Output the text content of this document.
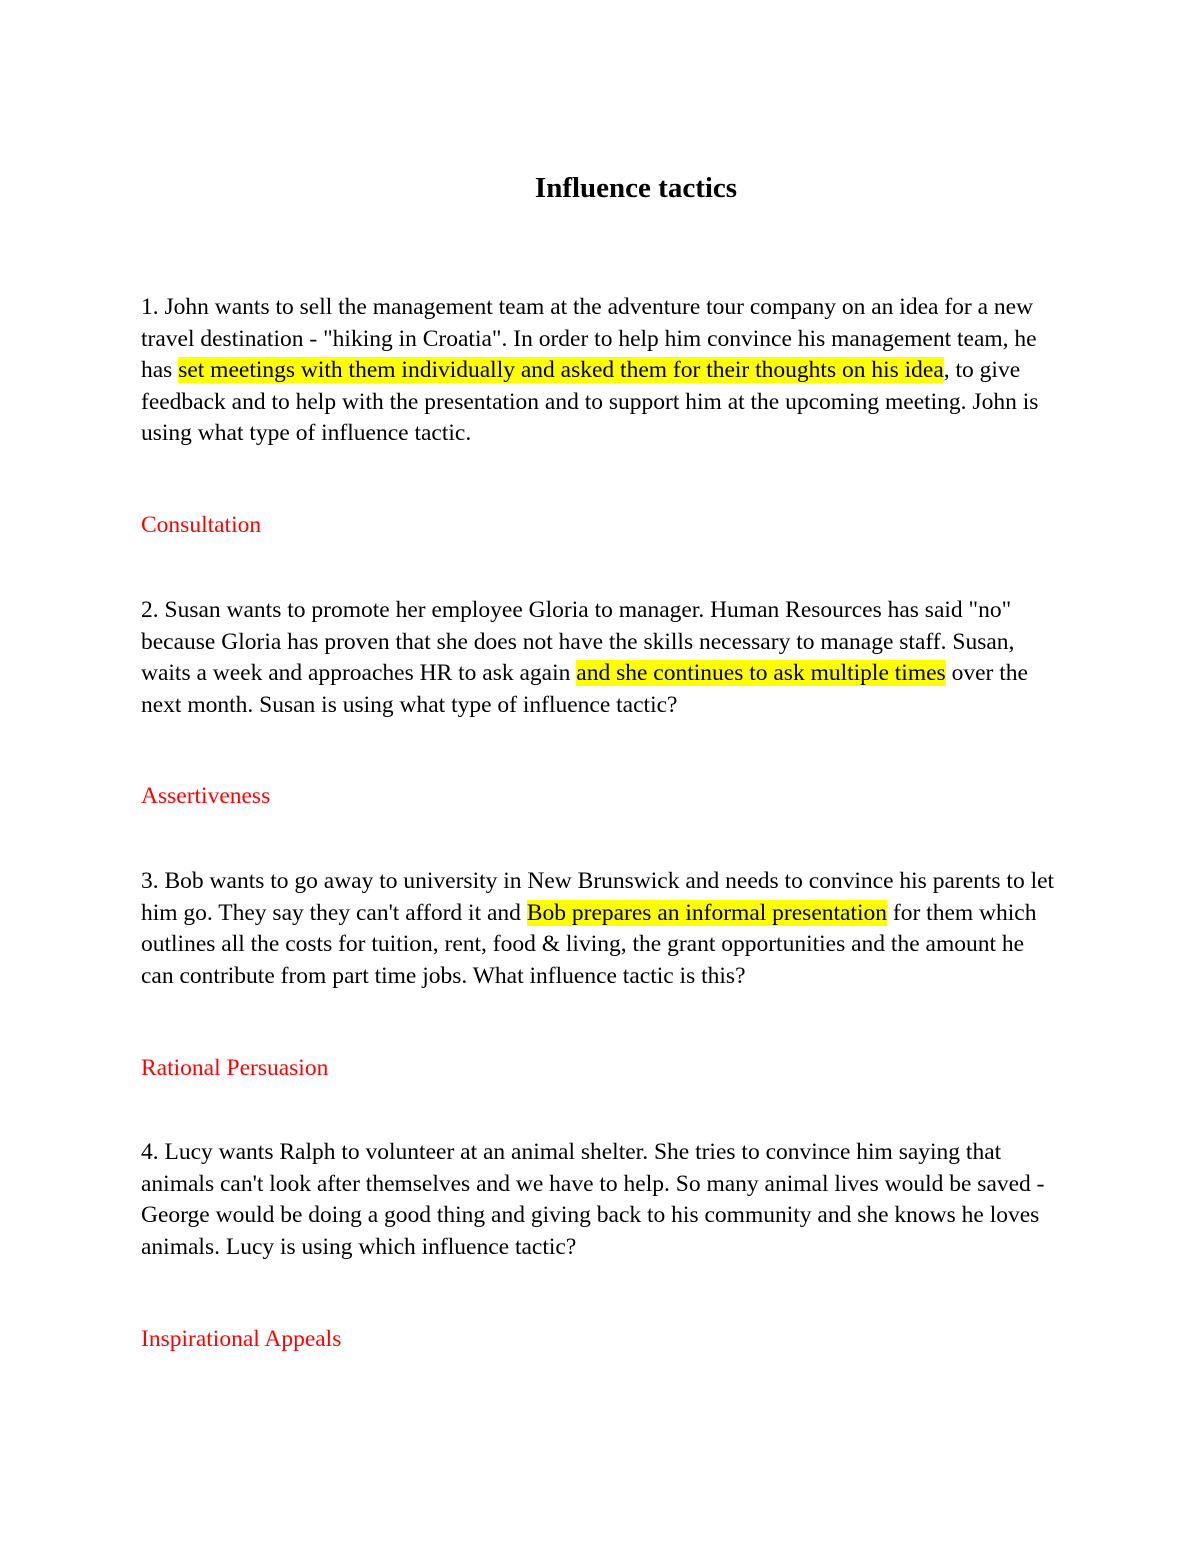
Influence tactics

1. John wants to sell the management team at the adventure tour company on an idea for a new travel destination - "hiking in Croatia". In order to help him convince his management team, he has set meetings with them individually and asked them for their thoughts on his idea, to give feedback and to help with the presentation and to support him at the upcoming meeting. John is using what type of influence tactic.

Consultation

2. Susan wants to promote her employee Gloria to manager. Human Resources has said "no" because Gloria has proven that she does not have the skills necessary to manage staff. Susan, waits a week and approaches HR to ask again and she continues to ask multiple times over the next month. Susan is using what type of influence tactic?

Assertiveness

3. Bob wants to go away to university in New Brunswick and needs to convince his parents to let him go. They say they can't afford it and Bob prepares an informal presentation for them which outlines all the costs for tuition, rent, food & living, the grant opportunities and the amount he can contribute from part time jobs. What influence tactic is this?

Rational Persuasion

4. Lucy wants Ralph to volunteer at an animal shelter. She tries to convince him saying that animals can't look after themselves and we have to help. So many animal lives would be saved - George would be doing a good thing and giving back to his community and she knows he loves animals. Lucy is using which influence tactic?

Inspirational Appeals
